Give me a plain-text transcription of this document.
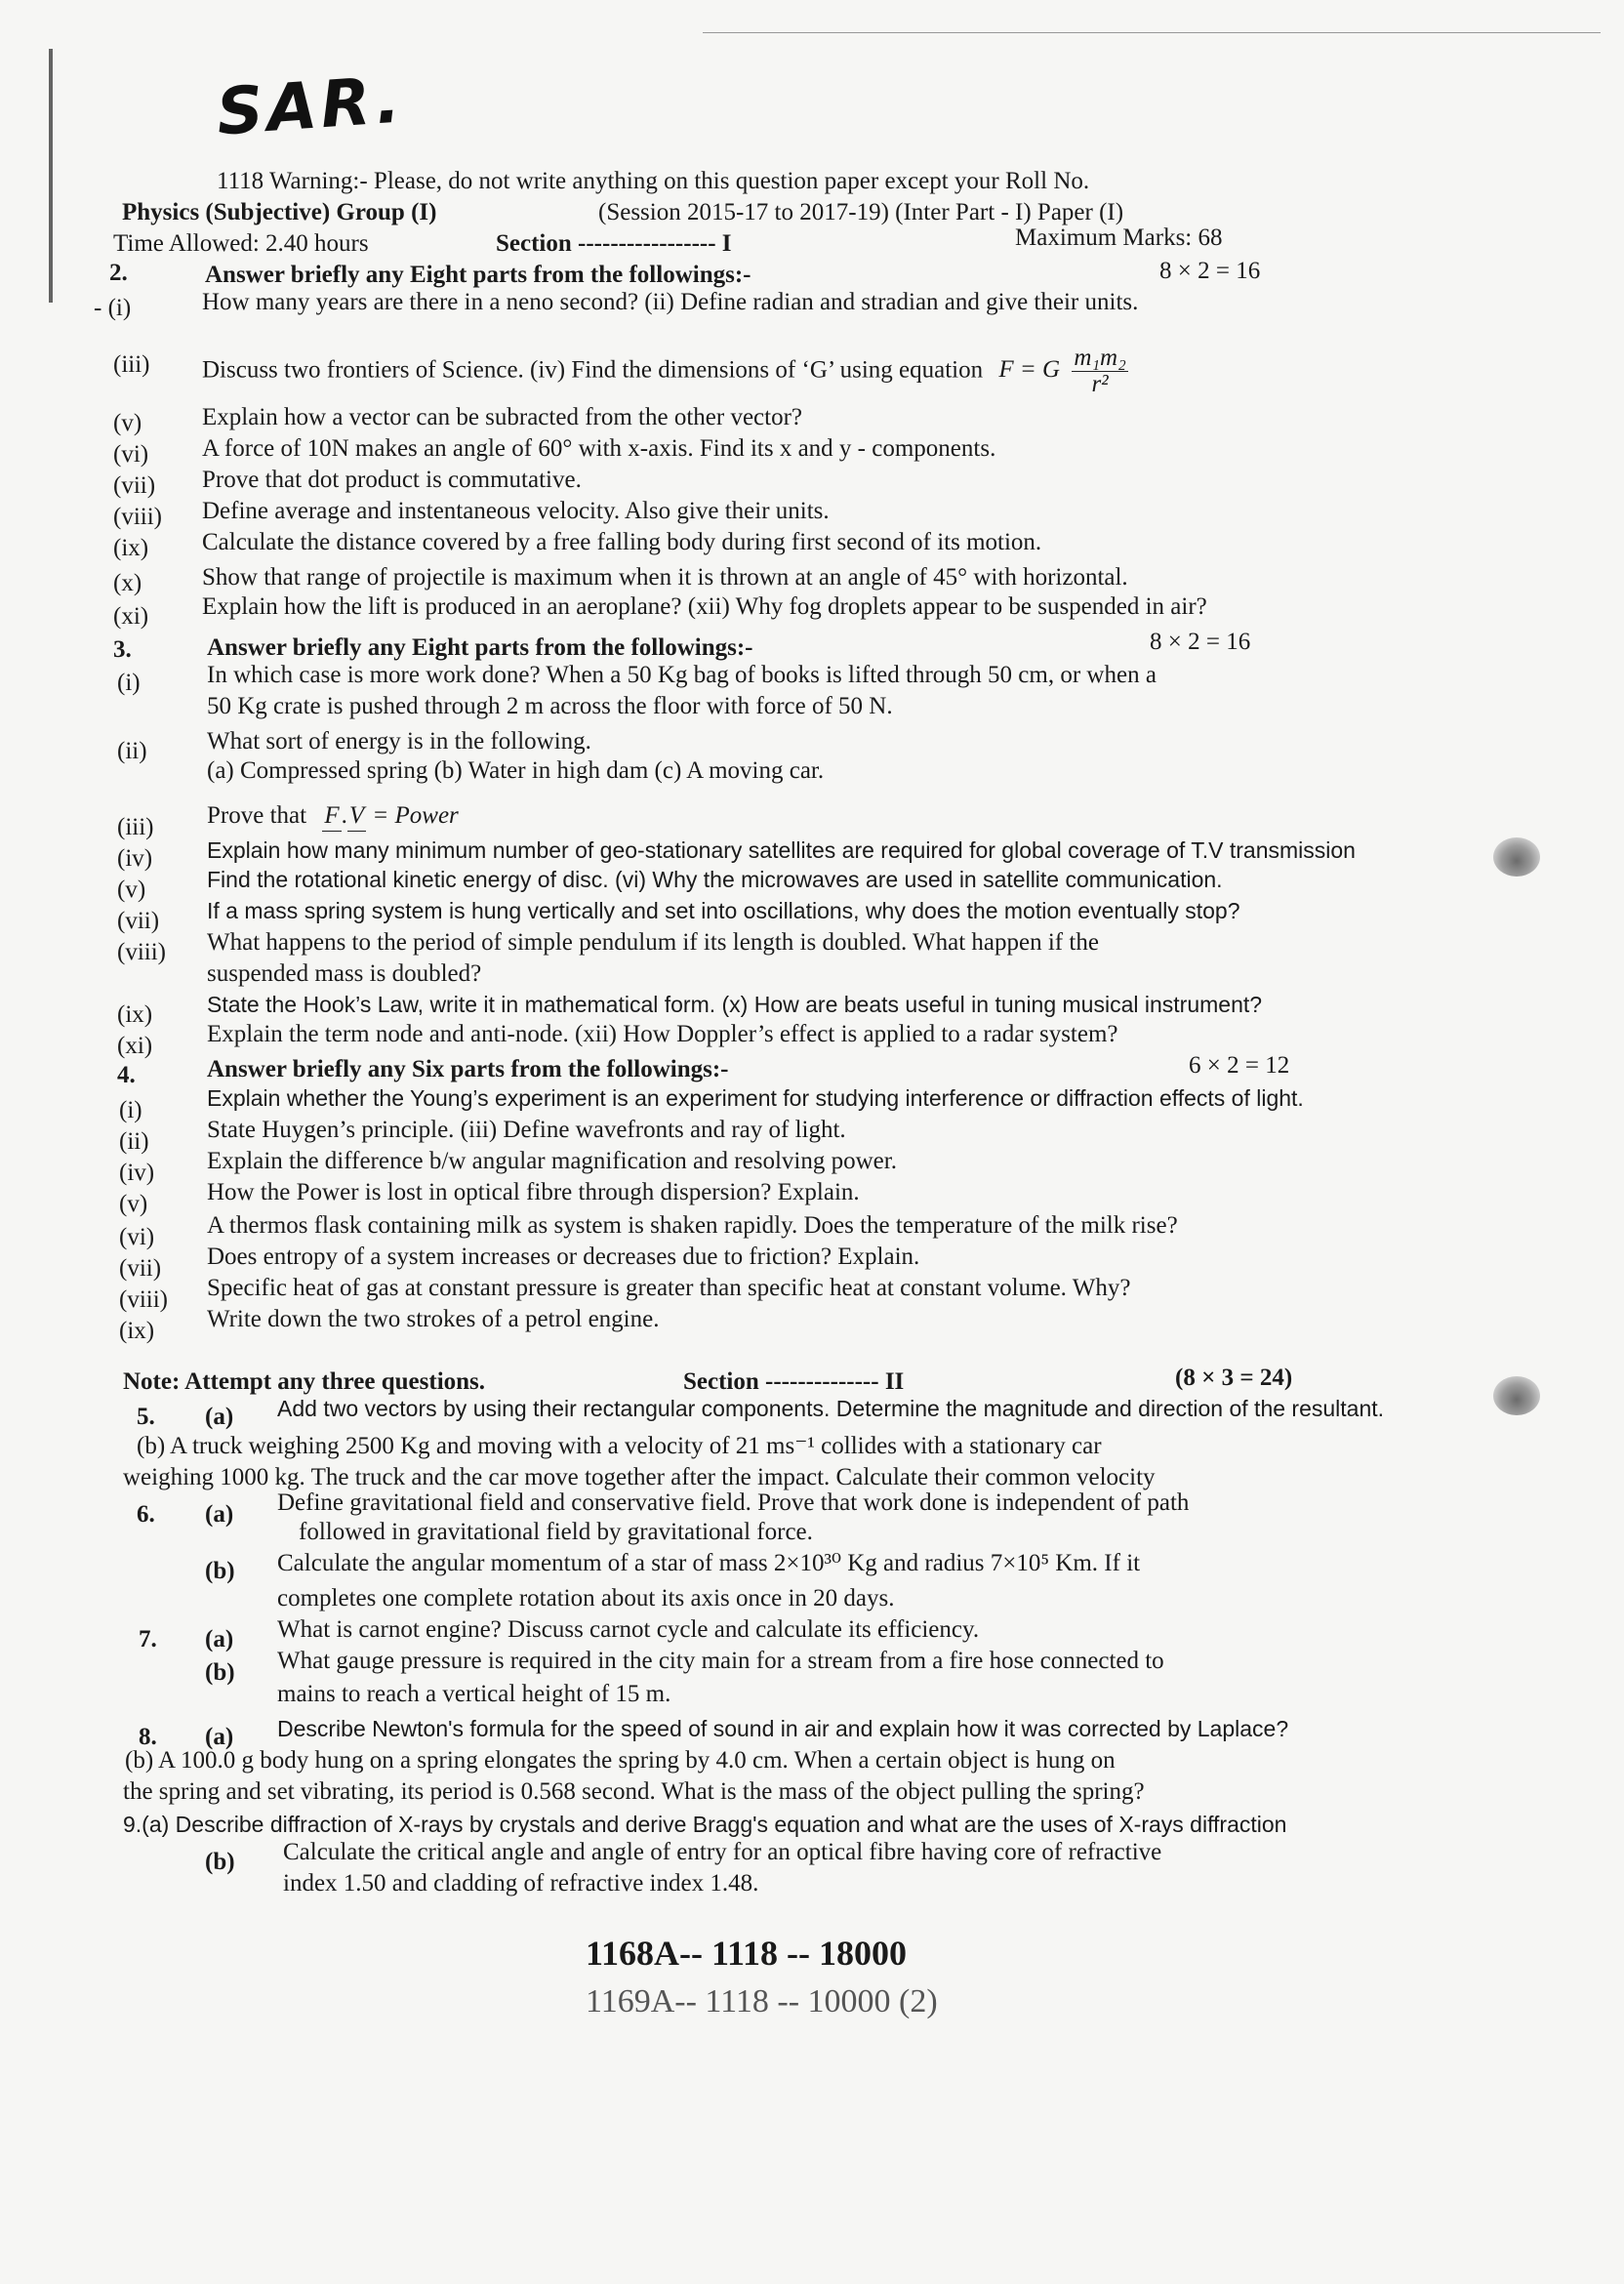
SAR.
1118 Warning:- Please, do not write anything on this question paper except your Roll No.
Physics (Subjective) Group (I)	(Session 2015-17 to 2017-19) (Inter Part - I) Paper (I)
Time Allowed: 2.40 hours	Section ----------------- I	Maximum Marks: 68
2.	Answer briefly any Eight parts from the followings:-	8 × 2 = 16
- (i)	How many years are there in a neno second? (ii) Define radian and stradian and give their units.
(iii) Discuss two frontiers of Science. (iv) Find the dimensions of ‘G’ using equation F = G $\frac{\text{m₁m₂}}{\text{r²}}$
(v) Explain how a vector can be subracted from the other vector?
(vi) A force of 10N makes an angle of 60° with x-axis. Find its x and y - components.
(vii) Prove that dot product is commutative.
(viii) Define average and instentaneous velocity. Also give their units.
(ix) Calculate the distance covered by a free falling body during first second of its motion.
(x) Show that range of projectile is maximum when it is thrown at an angle of 45° with horizontal.
(xi) Explain how the lift is produced in an aeroplane? (xii) Why fog droplets appear to be suspended in air?
3.	Answer briefly any Eight parts from the followings:-	8 × 2 = 16
(i)	In which case is more work done? When a 50 Kg bag of books is lifted through 50 cm, or when a
50 Kg crate is pushed through 2 m across the floor with force of 50 N.
(ii) What sort of energy is in the following.
(a) Compressed spring (b) Water in high dam (c) A moving car.
(iii) Prove that F.V = Power
(iv) Explain how many minimum number of geo-stationary satellites are required for global coverage of T.V transmission
(v)	Find the rotational kinetic energy of disc. (vi) Why the microwaves are used in satellite communication.
(vii) If a mass spring system is hung vertically and set into oscillations, why does the motion eventually stop?
(viii) What happens to the period of simple pendulum if its length is doubled. What happen if the
suspended mass is doubled?
(ix) State the Hook’s Law, write it in mathematical form. (x) How are beats useful in tuning musical instrument?
(xi) Explain the term node and anti-node. (xii) How Doppler’s effect is applied to a radar system?
4.	Answer briefly any Six parts from the followings:-	6 × 2 = 12
(i)	Explain whether the Young’s experiment is an experiment for studying interference or diffraction effects of light.
(ii) State Huygen’s principle. (iii) Define wavefronts and ray of light.
(iv) Explain the difference b/w angular magnification and resolving power.
(v) How the Power is lost in optical fibre through dispersion? Explain.
(vi) A thermos flask containing milk as system is shaken rapidly. Does the temperature of the milk rise?
(vii) Does entropy of a system increases or decreases due to friction? Explain.
(viii) Specific heat of gas at constant pressure is greater than specific heat at constant volume. Why?
(ix) Write down the two strokes of a petrol engine.
Note: Attempt any three questions.	Section -------------- II	(8 × 3 = 24)
5. (a) Add two vectors by using their rectangular components. Determine the magnitude and direction of the resultant.
(b) A truck weighing 2500 Kg and moving with a velocity of 21 ms⁻¹ collides with a stationary car
weighing 1000 kg. The truck and the car move together after the impact. Calculate their common velocity
6. (a) Define gravitational field and conservative field. Prove that work done is independent of path
followed in gravitational field by gravitational force.
(b) Calculate the angular momentum of a star of mass 2×10³⁰ Kg and radius 7×10⁵ Km. If it
completes one complete rotation about its axis once in 20 days.
7. (a) What is carnot engine? Discuss carnot cycle and calculate its efficiency.
(b) What gauge pressure is required in the city main for a stream from a fire hose connected to
mains to reach a vertical height of 15 m.
8. (a) Describe Newton's formula for the speed of sound in air and explain how it was corrected by Laplace?
(b) A 100.0 g body hung on a spring elongates the spring by 4.0 cm. When a certain object is hung on
the spring and set vibrating, its period is 0.568 second. What is the mass of the object pulling the spring?
9.(a) Describe diffraction of X-rays by crystals and derive Bragg's equation and what are the uses of X-rays diffraction
(b) Calculate the critical angle and angle of entry for an optical fibre having core of refractive
index 1.50 and cladding of refractive index 1.48.
1168A-- 1118 -- 18000
1169A-- 1118 -- 10000 (2)
